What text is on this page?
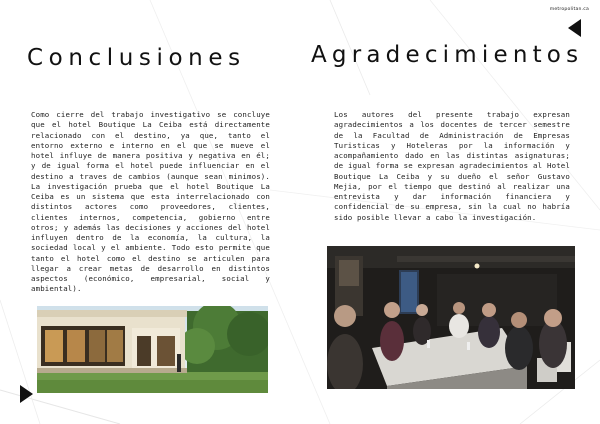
metropolitan.ca
Conclusiones	Agradecimientos

Como cierre del trabajo investigativo se concluye que el hotel Boutique La Ceiba está directamente relacionado con el destino, ya que, tanto el entorno externo e interno en el que se mueve el hotel influye de manera positiva y negativa en él; y de igual forma el hotel puede influenciar en el destino a traves de cambios (aunque sean minimos). La investigación prueba que el hotel Boutique La Ceiba es un sistema que esta interrelacionado con distintos actores como proveedores, clientes, clientes internos, competencia, gobierno entre otros; y además las decisiones y acciones del hotel influyen dentro de la economía, la cultura, la sociedad local y el ambiente. Todo esto permite que tanto el hotel como el destino se articulen para llegar a crear metas de desarrollo en distintos aspectos (económico, empresarial, social y ambiental).

Los autores del presente trabajo expresan agradecimientos a los docentes de tercer semestre de la Facultad de Administración de Empresas Turisticas y Hoteleras por la información y acompañamiento dado en las distintas asignaturas; de igual forma se expresan agradecimientos al Hotel Boutique La Ceiba y su dueño el señor Gustavo Mejia, por el tiempo que destinó al realizar una entrevista y dar información financiera y confidencial de su empresa, sin la cual no habría sido posible llevar a cabo la investigación.
